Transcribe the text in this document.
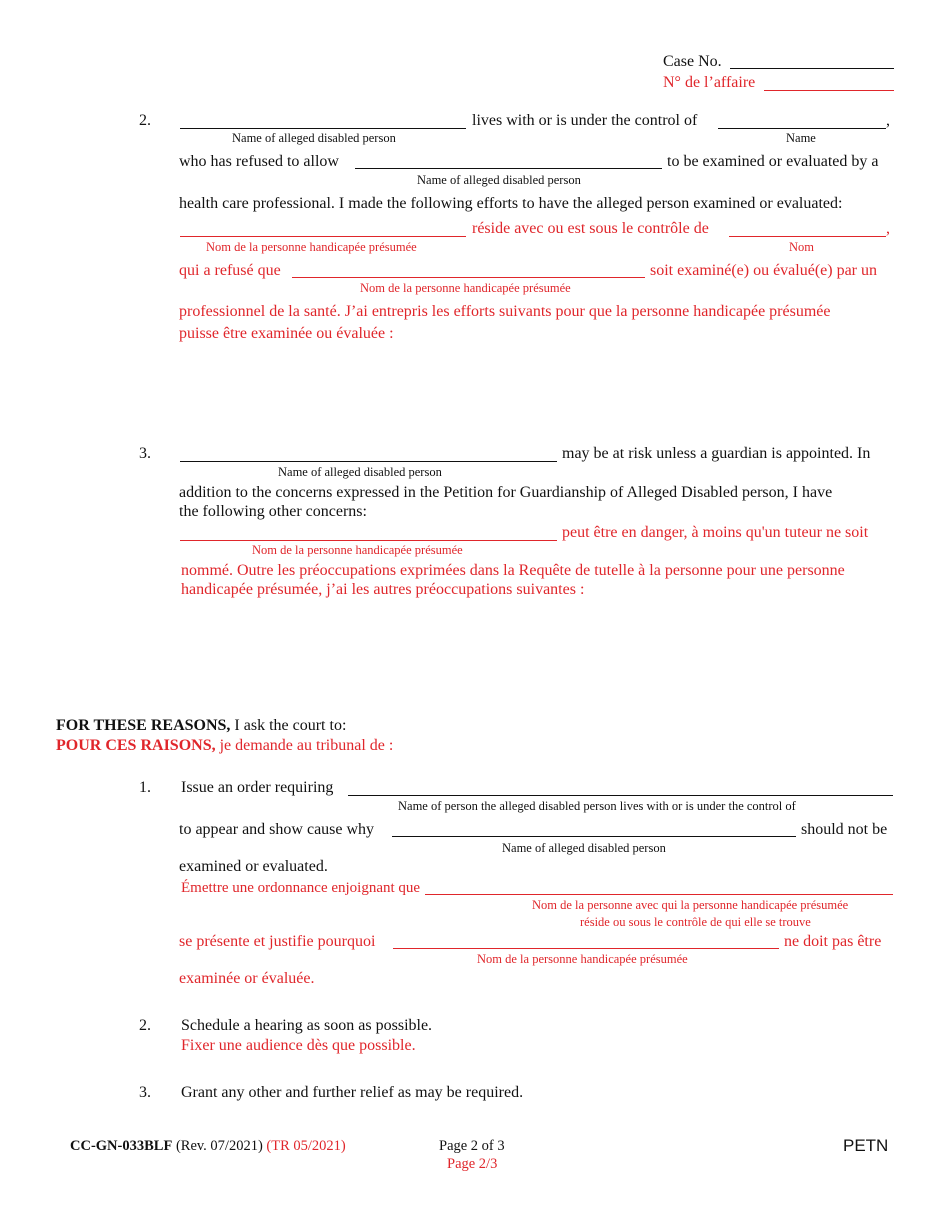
Case No.
N° de l’affaire
2.	lives with or is under the control of	,
Name of alleged disabled person	Name
who has refused to allow	to be examined or evaluated by a
Name of alleged disabled person
health care professional. I made the following efforts to have the alleged person examined or evaluated:
réside avec ou est sous le contrôle de	,
Nom de la personne handicapée présumée	Nom
qui a refusé que	soit examiné(e) ou évalué(e) par un
Nom de la personne handicapée présumée
professionnel de la santé. J’ai entrepris les efforts suivants pour que la personne handicapée présumée
puisse être examinée ou évaluée :
3.	may be at risk unless a guardian is appointed. In
Name of alleged disabled person
addition to the concerns expressed in the Petition for Guardianship of Alleged Disabled person, I have
the following other concerns:
peut être en danger, à moins qu'un tuteur ne soit
Nom de la personne handicapée présumée
nommé. Outre les préoccupations exprimées dans la Requête de tutelle à la personne pour une personne
handicapée présumée, j’ai les autres préoccupations suivantes :
FOR THESE REASONS, I ask the court to:
POUR CES RAISONS, je demande au tribunal de :
1. Issue an order requiring
Name of person the alleged disabled person lives with or is under the control of
to appear and show cause why	should not be
Name of alleged disabled person
examined or evaluated.
Émettre une ordonnance enjoignant que
Nom de la personne avec qui la personne handicapée présumée
réside ou sous le contrôle de qui elle se trouve
se présente et justifie pourquoi	ne doit pas être
Nom de la personne handicapée présumée
examinée or évaluée.
2. Schedule a hearing as soon as possible.
Fixer une audience dès que possible.
3. Grant any other and further relief as may be required.
CC-GN-033BLF (Rev. 07/2021) (TR 05/2021)	Page 2 of 3
Page 2/3
PETN
